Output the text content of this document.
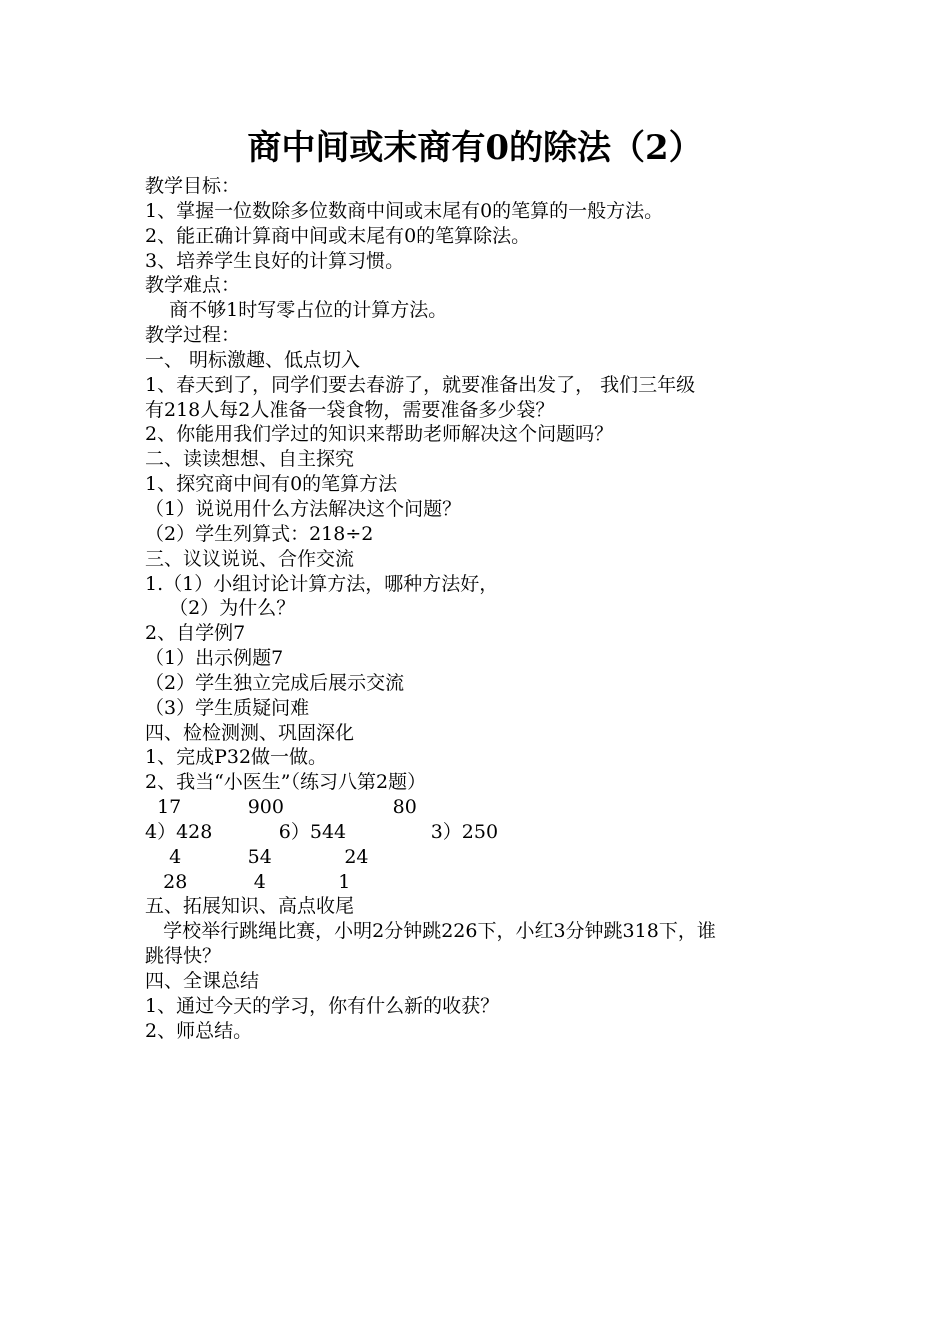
商中间或末商有0的除法（2）
教学目标：
1、掌握一位数除多位数商中间或末尾有0的笔算的一般方法。
2、能正确计算商中间或末尾有0的笔算除法。
3、培养学生良好的计算习惯。
教学难点：
商不够1时写零占位的计算方法。
教学过程：
一、 明标激趣、低点切入
1、春天到了，同学们要去春游了，就要准备出发了， 我们三年级
有218人每2人准备一袋食物，需要准备多少袋？
2、你能用我们学过的知识来帮助老师解决这个问题吗？
二、读读想想、自主探究
1、探究商中间有0的笔算方法
（1）说说用什么方法解决这个问题？
（2）学生列算式：218÷2
三、议议说说、合作交流
1.（1）小组讨论计算方法，哪种方法好，
（2）为什么？
2、自学例7
（1）出示例题7
（2）学生独立完成后展示交流
（3）学生质疑问难
四、检检测测、巩固深化
1、完成P32做一做。
2、我当“小医生”（练习八第2题）
17           900                  80
4）428           6）544              3）250
4           54            24
28           4            1
五、拓展知识、高点收尾
学校举行跳绳比赛，小明2分钟跳226下，小红3分钟跳318下，谁
跳得快？
四、全课总结
1、通过今天的学习，你有什么新的收获？
2、师总结。
